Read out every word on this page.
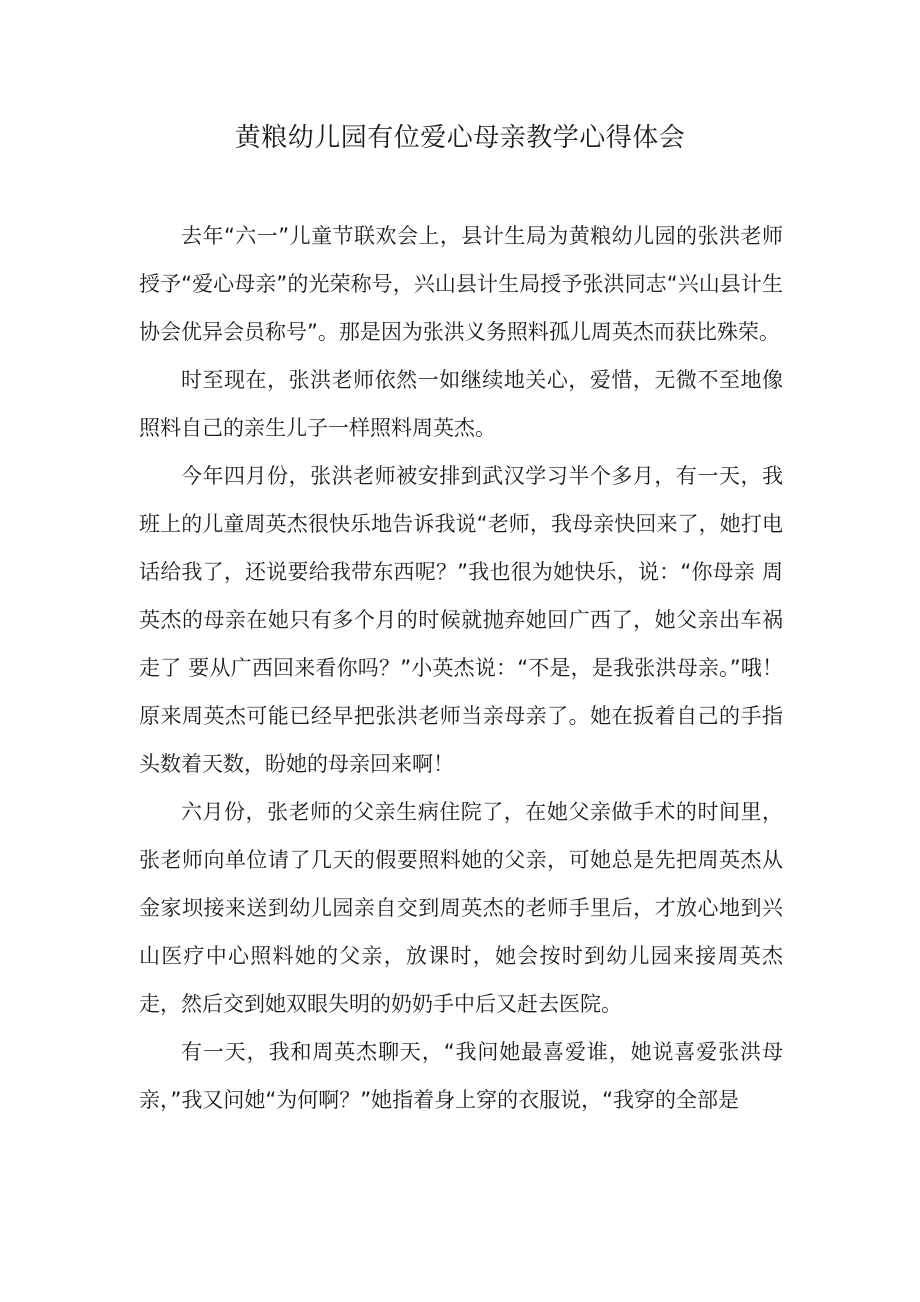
黄粮幼儿园有位爱心母亲教学心得体会

去年“六一”儿童节联欢会上，县计生局为黄粮幼儿园的张洪老师授予“爱心母亲”的光荣称号，兴山县计生局授予张洪同志“兴山县计生协会优异会员称号”。那是因为张洪义务照料孤儿周英杰而获比殊荣。

时至现在，张洪老师依然一如继续地关心，爱惜，无微不至地像照料自己的亲生儿子一样照料周英杰。

今年四月份，张洪老师被安排到武汉学习半个多月，有一天，我班上的儿童周英杰很快乐地告诉我说“老师，我母亲快回来了，她打电话给我了，还说要给我带东西呢？”我也很为她快乐，说：“你母亲 周英杰的母亲在她只有多个月的时候就抛弃她回广西了，她父亲出车祸走了 要从广西回来看你吗？”小英杰说：“不是，是我张洪母亲。”哦！原来周英杰可能已经早把张洪老师当亲母亲了。她在扳着自己的手指头数着天数，盼她的母亲回来啊！

六月份，张老师的父亲生病住院了，在她父亲做手术的时间里，张老师向单位请了几天的假要照料她的父亲，可她总是先把周英杰从金家坝接来送到幼儿园亲自交到周英杰的老师手里后，才放心地到兴山医疗中心照料她的父亲，放课时，她会按时到幼儿园来接周英杰走，然后交到她双眼失明的奶奶手中后又赶去医院。

有一天，我和周英杰聊天，“我问她最喜爱谁，她说喜爱张洪母亲，”我又问她“为何啊？”她指着身上穿的衣服说，“我穿的全部是
